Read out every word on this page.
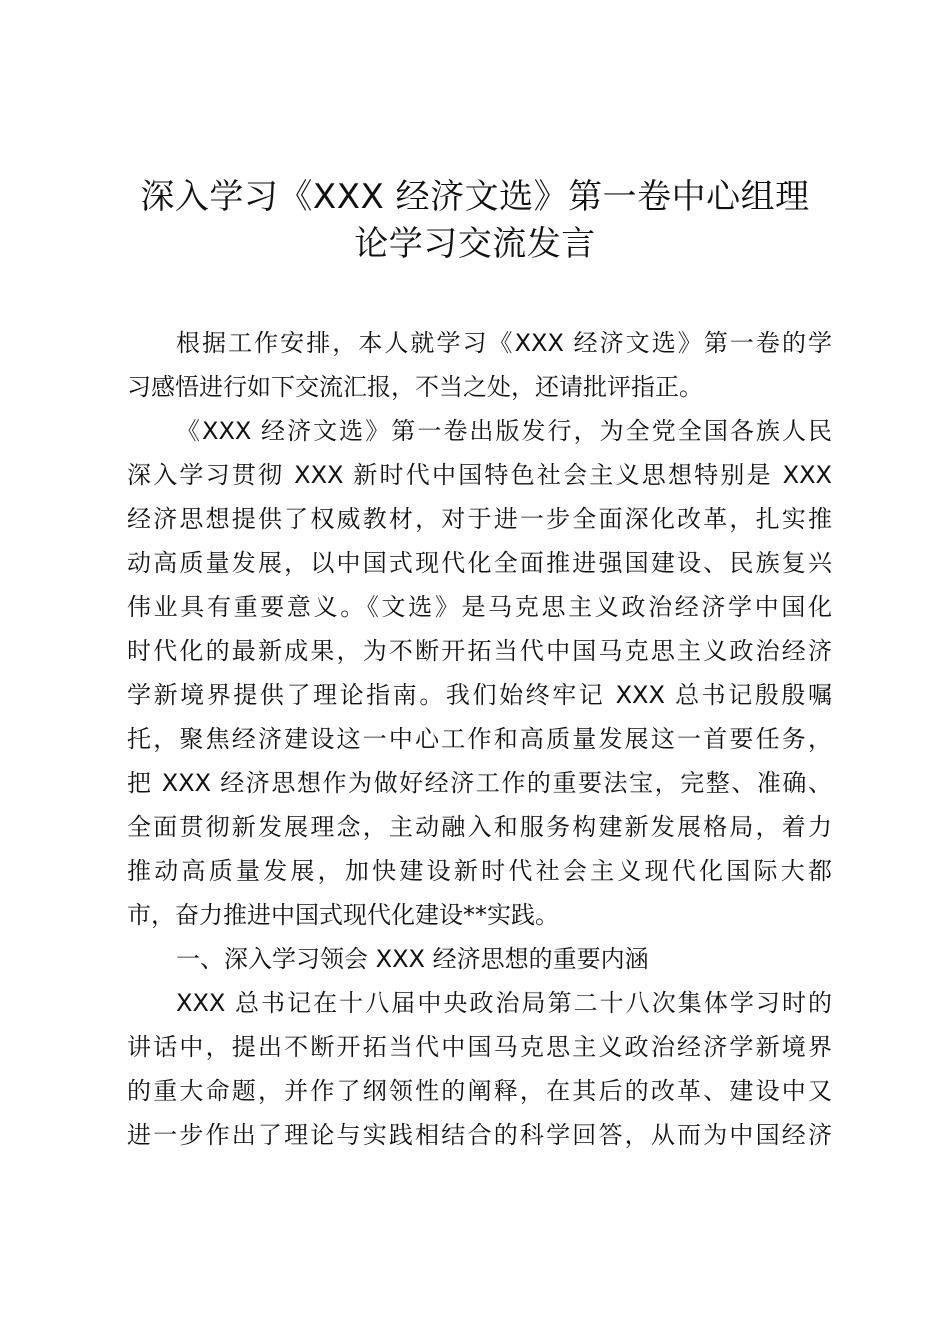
深入学习《XXX 经济文选》第一卷中心组理
论学习交流发言
根据工作安排，本人就学习《XXX 经济文选》第一卷的学
习感悟进行如下交流汇报，不当之处，还请批评指正。
《XXX 经济文选》第一卷出版发行，为全党全国各族人民
深入学习贯彻 XXX 新时代中国特色社会主义思想特别是 XXX
经济思想提供了权威教材，对于进一步全面深化改革，扎实推
动高质量发展，以中国式现代化全面推进强国建设、民族复兴
伟业具有重要意义。《文选》是马克思主义政治经济学中国化
时代化的最新成果，为不断开拓当代中国马克思主义政治经济
学新境界提供了理论指南。我们始终牢记 XXX 总书记殷殷嘱
托，聚焦经济建设这一中心工作和高质量发展这一首要任务，
把 XXX 经济思想作为做好经济工作的重要法宝，完整、准确、
全面贯彻新发展理念，主动融入和服务构建新发展格局，着力
推动高质量发展，加快建设新时代社会主义现代化国际大都
市，奋力推进中国式现代化建设**实践。
一、深入学习领会 XXX 经济思想的重要内涵
XXX 总书记在十八届中央政治局第二十八次集体学习时的
讲话中，提出不断开拓当代中国马克思主义政治经济学新境界
的重大命题，并作了纲领性的阐释，在其后的改革、建设中又
进一步作出了理论与实践相结合的科学回答，从而为中国经济
